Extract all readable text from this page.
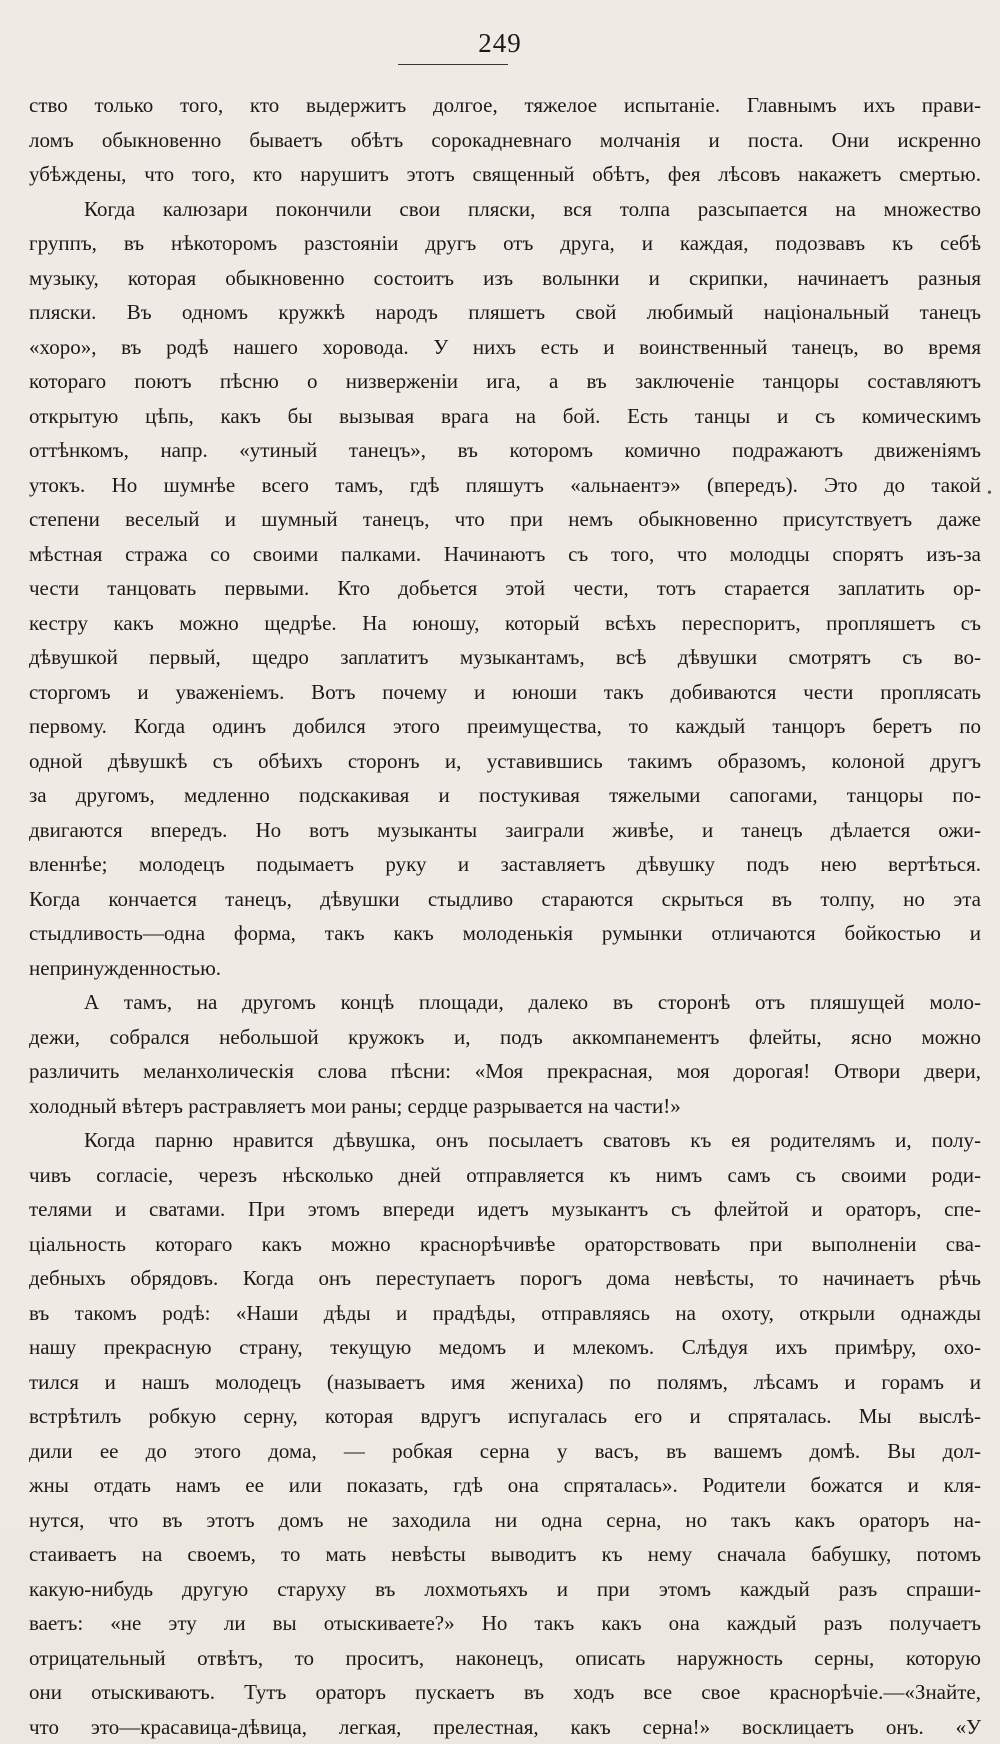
249
ство только того, кто выдержитъ долгое, тяжелое испытаніе. Главнымъ ихъ прави-
ломъ обыкновенно бываетъ обѣтъ сорокадневнаго молчанія и поста. Они искренно
убѣждены, что того, кто нарушитъ этотъ священный обѣтъ, фея лѣсовъ накажетъ смертью.
Когда калюзари покончили свои пляски, вся толпа разсыпается на множество
группъ, въ нѣкоторомъ разстояніи другъ отъ друга, и каждая, подозвавъ къ себѣ
музыку, которая обыкновенно состоитъ изъ волынки и скрипки, начинаетъ разныя
пляски. Въ одномъ кружкѣ народъ пляшетъ свой любимый національный танецъ
«хоро», въ родѣ нашего хоровода. У нихъ есть и воинственный танецъ, во время
котораго поютъ пѣсню о низверженіи ига, а въ заключеніе танцоры составляютъ
открытую цѣпь, какъ бы вызывая врага на бой. Есть танцы и съ комическимъ
оттѣнкомъ, напр. «утиный танецъ», въ которомъ комично подражаютъ движеніямъ
утокъ. Но шумнѣе всего тамъ, гдѣ пляшутъ «альнаентэ» (впередъ). Это до такой
степени веселый и шумный танецъ, что при немъ обыкновенно присутствуетъ даже
мѣстная стража со своими палками. Начинаютъ съ того, что молодцы спорятъ изъ-за
чести танцовать первыми. Кто добьется этой чести, тотъ старается заплатить ор-
кестру какъ можно щедрѣе. На юношу, который всѣхъ переспоритъ, пропляшетъ съ
дѣвушкой первый, щедро заплатитъ музыкантамъ, всѣ дѣвушки смотрятъ съ во-
сторгомъ и уваженіемъ. Вотъ почему и юноши такъ добиваются чести проплясать
первому. Когда одинъ добился этого преимущества, то каждый танцоръ беретъ по
одной дѣвушкѣ съ обѣихъ сторонъ и, уставившись такимъ образомъ, колоной другъ
за другомъ, медленно подскакивая и постукивая тяжелыми сапогами, танцоры по-
двигаются впередъ. Но вотъ музыканты заиграли живѣе, и танецъ дѣлается ожи-
вленнѣе; молодецъ подымаетъ руку и заставляетъ дѣвушку подъ нею вертѣться.
Когда кончается танецъ, дѣвушки стыдливо стараются скрыться въ толпу, но эта
стыдливость—одна форма, такъ какъ молоденькія румынки отличаются бойкостью и
непринужденностью.
А тамъ, на другомъ концѣ площади, далеко въ сторонѣ отъ пляшущей моло-
дежи, собрался небольшой кружокъ и, подъ аккомпанементъ флейты, ясно можно
различить меланхолическія слова пѣсни: «Моя прекрасная, моя дорогая! Отвори двери,
холодный вѣтеръ растравляетъ мои раны; сердце разрывается на части!»
Когда парню нравится дѣвушка, онъ посылаетъ сватовъ къ ея родителямъ и, полу-
чивъ согласіе, черезъ нѣсколько дней отправляется къ нимъ самъ съ своими роди-
телями и сватами. При этомъ впереди идетъ музыкантъ съ флейтой и ораторъ, спе-
ціальность котораго какъ можно краснорѣчивѣе ораторствовать при выполненіи сва-
дебныхъ обрядовъ. Когда онъ переступаетъ порогъ дома невѣсты, то начинаетъ рѣчь
въ такомъ родѣ: «Наши дѣды и прадѣды, отправляясь на охоту, открыли однажды
нашу прекрасную страну, текущую медомъ и млекомъ. Слѣдуя ихъ примѣру, охо-
тился и нашъ молодецъ (называетъ имя жениха) по полямъ, лѣсамъ и горамъ и
встрѣтилъ робкую серну, которая вдругъ испугалась его и спряталась. Мы выслѣ-
дили ее до этого дома, — робкая серна у васъ, въ вашемъ домѣ. Вы дол-
жны отдать намъ ее или показать, гдѣ она спряталась». Родители божатся и кля-
нутся, что въ этотъ домъ не заходила ни одна серна, но такъ какъ ораторъ на-
стаиваетъ на своемъ, то мать невѣсты выводитъ къ нему сначала бабушку, потомъ
какую-нибудь другую старуху въ лохмотьяхъ и при этомъ каждый разъ спраши-
ваетъ: «не эту ли вы отыскиваете?» Но такъ какъ она каждый разъ получаетъ
отрицательный отвѣтъ, то проситъ, наконецъ, описать наружность серны, которую
они отыскиваютъ. Тутъ ораторъ пускаетъ въ ходъ все свое краснорѣчіе.—«Знайте,
что это—красавица-дѣвица, легкая, прелестная, какъ серна!» восклицаетъ онъ. «У
•
